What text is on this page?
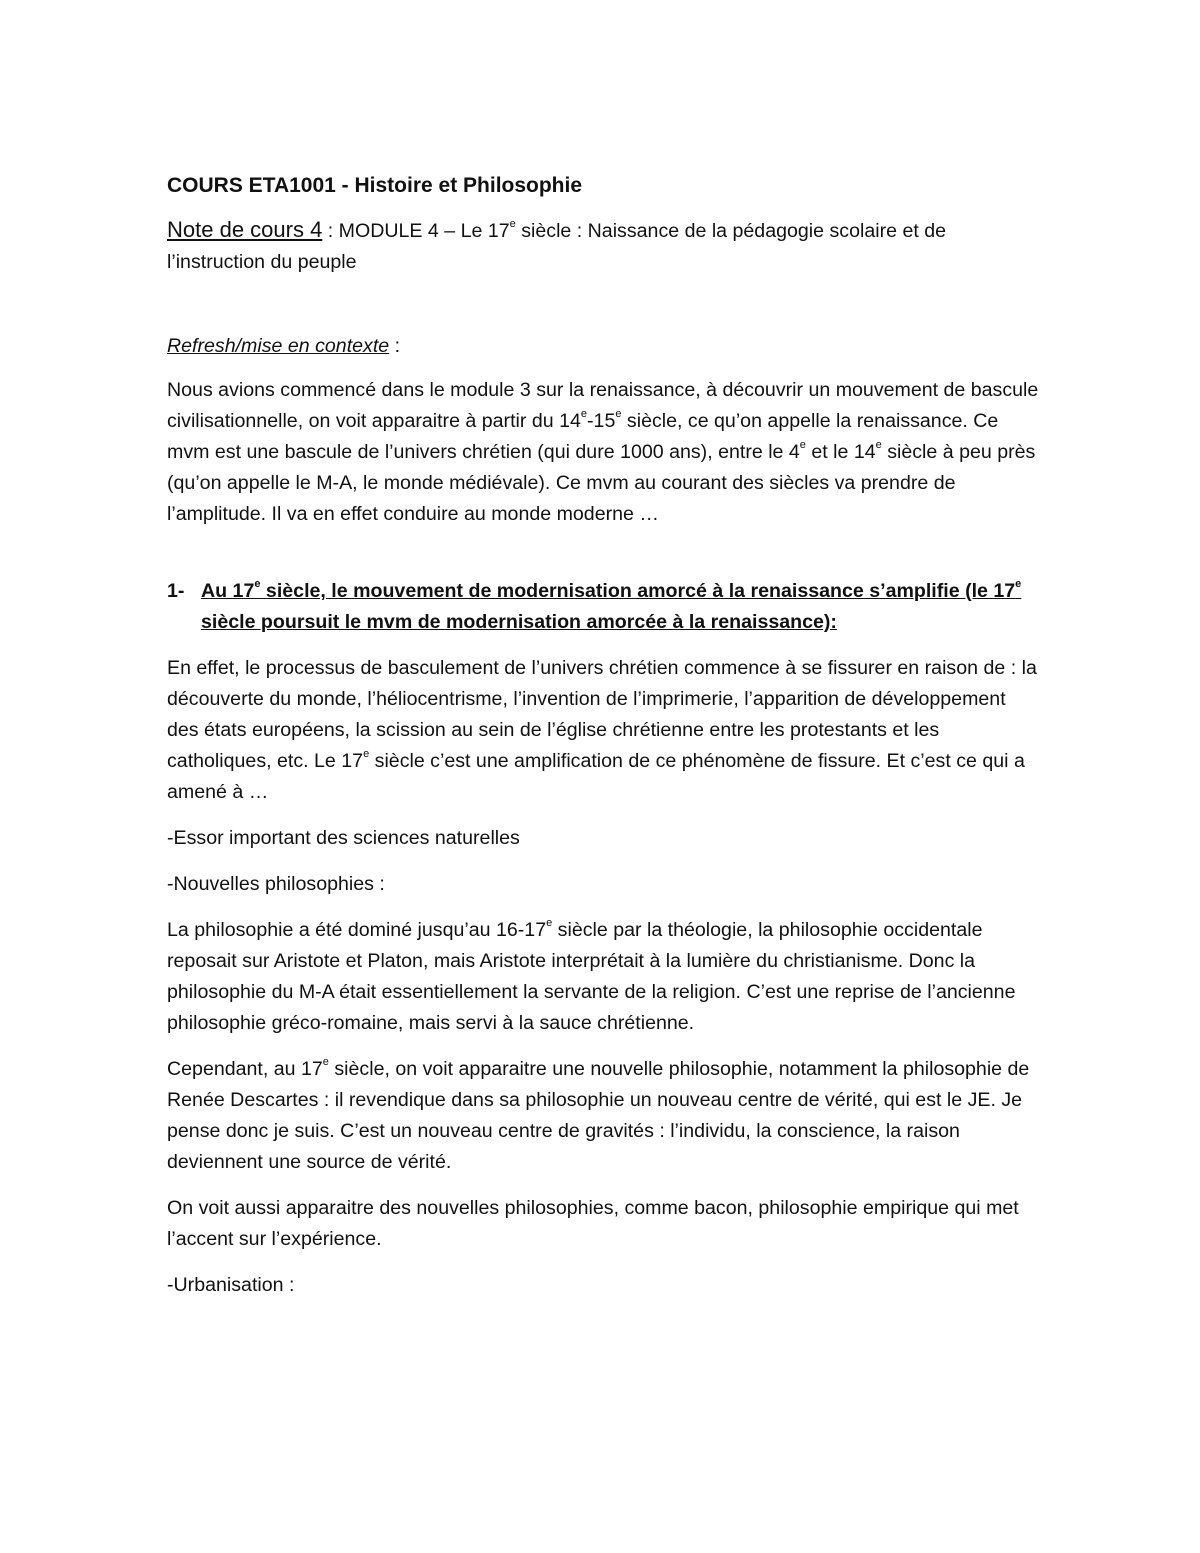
COURS ETA1001 - Histoire et Philosophie

Note de cours 4 : MODULE 4 – Le 17e siècle : Naissance de la pédagogie scolaire et de l’instruction du peuple

Refresh/mise en contexte :

Nous avions commencé dans le module 3 sur la renaissance, à découvrir un mouvement de bascule civilisationnelle, on voit apparaitre à partir du 14e-15e siècle, ce qu’on appelle la renaissance. Ce mvm est une bascule de l’univers chrétien (qui dure 1000 ans), entre le 4e et le 14e siècle à peu près (qu’on appelle le M-A, le monde médiévale). Ce mvm au courant des siècles va prendre de l’amplitude. Il va en effet conduire au monde moderne …

1- Au 17e siècle, le mouvement de modernisation amorcé à la renaissance s’amplifie (le 17e siècle poursuit le mvm de modernisation amorcée à la renaissance):

En effet, le processus de basculement de l’univers chrétien commence à se fissurer en raison de : la découverte du monde, l’héliocentrisme, l’invention de l’imprimerie, l’apparition de développement des états européens, la scission au sein de l’église chrétienne entre les protestants et les catholiques, etc. Le 17e siècle c’est une amplification de ce phénomène de fissure. Et c’est ce qui a amené à …

-Essor important des sciences naturelles

-Nouvelles philosophies :

La philosophie a été dominé jusqu’au 16-17e siècle par la théologie, la philosophie occidentale reposait sur Aristote et Platon, mais Aristote interprétait à la lumière du christianisme. Donc la philosophie du M-A était essentiellement la servante de la religion. C’est une reprise de l’ancienne philosophie gréco-romaine, mais servi à la sauce chrétienne.

Cependant, au 17e siècle, on voit apparaitre une nouvelle philosophie, notamment la philosophie de Renée Descartes : il revendique dans sa philosophie un nouveau centre de vérité, qui est le JE. Je pense donc je suis. C’est un nouveau centre de gravités : l’individu, la conscience, la raison deviennent une source de vérité.

On voit aussi apparaitre des nouvelles philosophies, comme bacon, philosophie empirique qui met l’accent sur l’expérience.

-Urbanisation :
